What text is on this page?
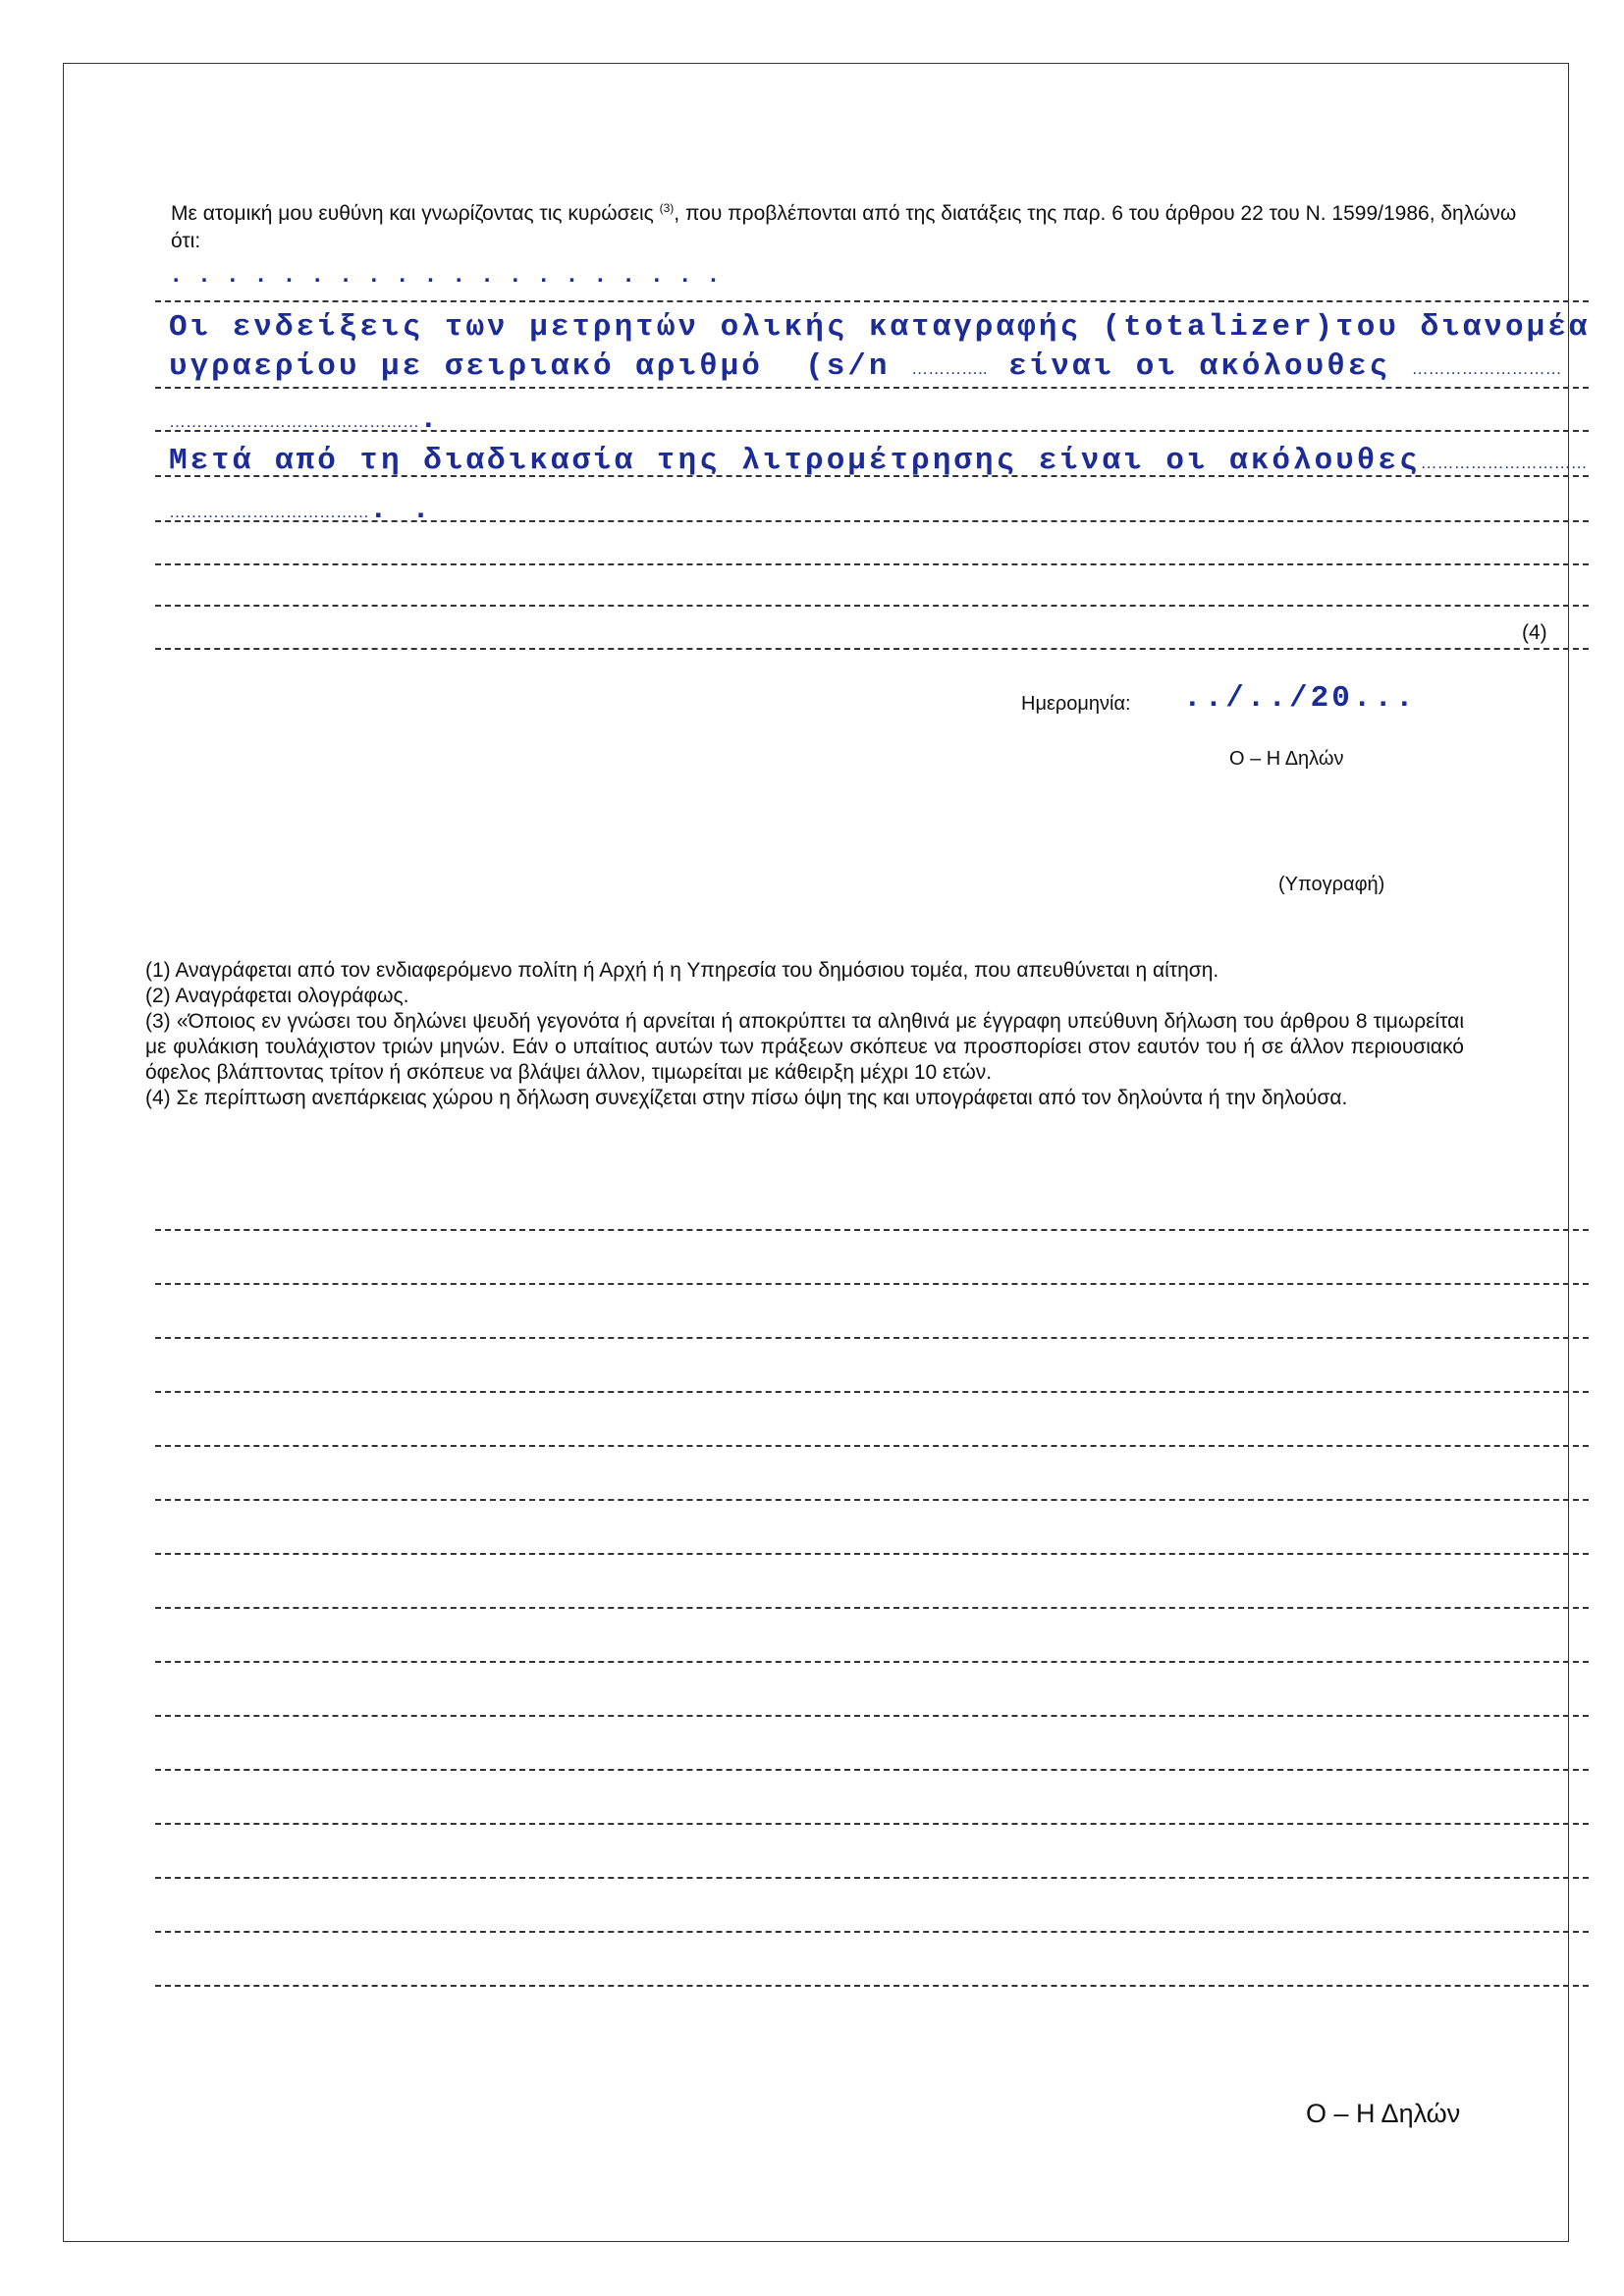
Με ατομική μου ευθύνη και γνωρίζοντας τις κυρώσεις $^{(3)}$, που προβλέπονται από της διατάξεις της παρ. 6 του άρθρου 22 του Ν. 1599/1986, δηλώνω ότι:
. . . . . . . . . . . . . . . . . . . .
Οι ενδείξεις των μετρητών ολικής καταγραφής (totalizer)του διανομέα
υγραερίου με σειριακό αριθμό  (s/n ………….. είναι οι ακόλουθες ………………………
……………………………………….
Μετά από τη διαδικασία της λιτρομέτρησης είναι οι ακόλουθες…………………………
………………………………. .
(4)
Ημερομηνία: ../../20...
Ο – Η Δηλών
(Υπογραφή)

(1) Αναγράφεται από τον ενδιαφερόμενο πολίτη ή Αρχή ή η Υπηρεσία του δημόσιου τομέα, που απευθύνεται η αίτηση.

(2) Αναγράφεται ολογράφως.

(3) «Όποιος εν γνώσει του δηλώνει ψευδή γεγονότα ή αρνείται ή αποκρύπτει τα αληθινά με έγγραφη υπεύθυνη δήλωση του άρθρου 8 τιμωρείται με φυλάκιση τουλάχιστον τριών μηνών. Εάν ο υπαίτιος αυτών των πράξεων σκόπευε να προσπορίσει στον εαυτόν του ή σε άλλον περιουσιακό όφελος βλάπτοντας τρίτον ή σκόπευε να βλάψει άλλον, τιμωρείται με κάθειρξη μέχρι 10 ετών.

(4) Σε περίπτωση ανεπάρκειας χώρου η δήλωση συνεχίζεται στην πίσω όψη της και υπογράφεται από τον δηλούντα ή την δηλούσα.

Ο – Η Δηλών
